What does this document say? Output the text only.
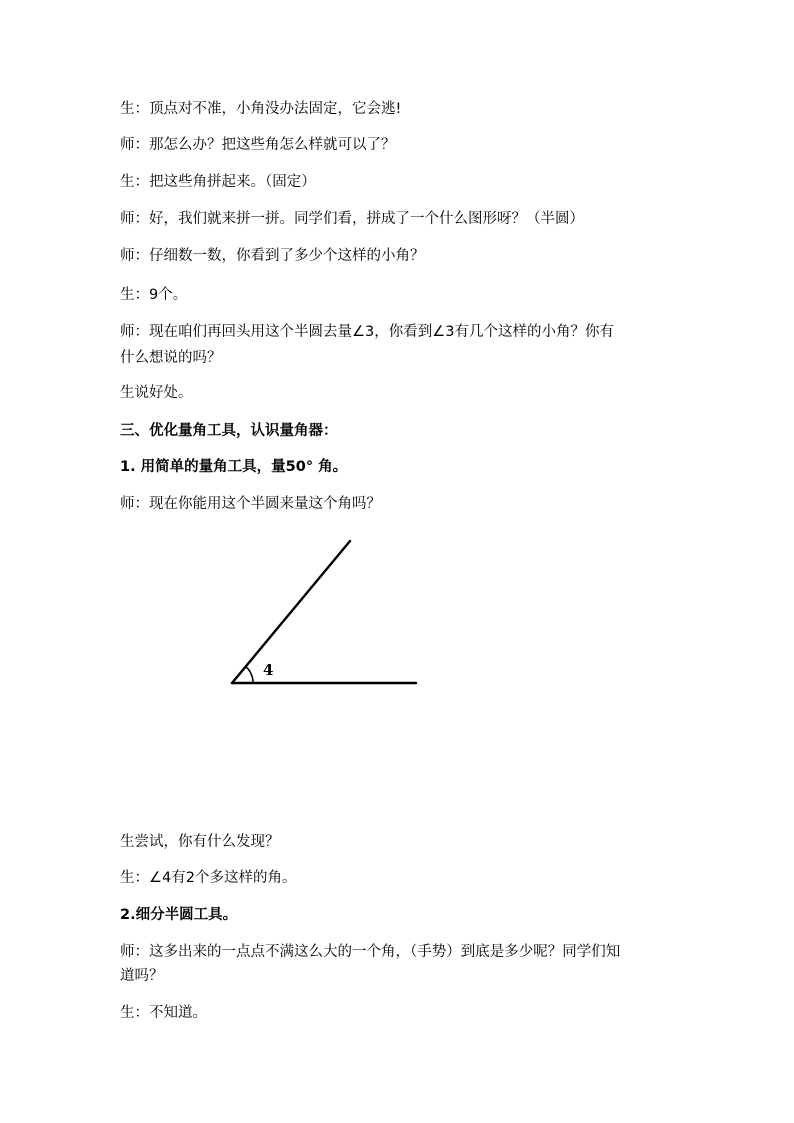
生：顶点对不准，小角没办法固定，它会逃!
师：那怎么办？把这些角怎么样就可以了？
生：把这些角拼起来。（固定）
师：好，我们就来拼一拼。同学们看，拼成了一个什么图形呀？（半圆）
师：仔细数一数，你看到了多少个这样的小角？
生：9个。
师：现在咱们再回头用这个半圆去量∠3，你看到∠3有几个这样的小角？你有
什么想说的吗？
生说好处。
三、优化量角工具，认识量角器：
1. 用简单的量角工具，量50° 角。
师：现在你能用这个半圆来量这个角吗？
4
生尝试，你有什么发现？
生：∠4有2个多这样的角。
2.细分半圆工具。
师：这多出来的一点点不满这么大的一个角，（手势）到底是多少呢？同学们知
道吗？
生：不知道。
